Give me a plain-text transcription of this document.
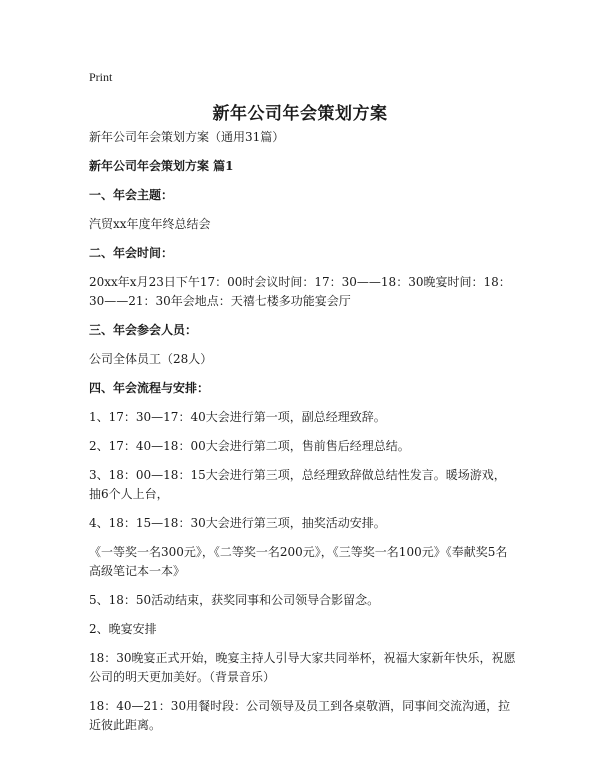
Print
新年公司年会策划方案
新年公司年会策划方案（通用31篇）
新年公司年会策划方案 篇1
一、年会主题：
汽贸xx年度年终总结会
二、年会时间：
20xx年x月23日下午17：00时会议时间：17：30——18：30晚宴时间：18：30——21：30年会地点：天禧七楼多功能宴会厅
三、年会参会人员：
公司全体员工（28人）
四、年会流程与安排：
1、17：30—17：40大会进行第一项，副总经理致辞。
2、17：40—18：00大会进行第二项，售前售后经理总结。
3、18：00—18：15大会进行第三项，总经理致辞做总结性发言。暖场游戏，抽6个人上台，
4、18：15—18：30大会进行第三项，抽奖活动安排。
《一等奖一名300元》，《二等奖一名200元》，《三等奖一名100元》《奉献奖5名高级笔记本一本》
5、18：50活动结束，获奖同事和公司领导合影留念。
2、晚宴安排
18：30晚宴正式开始，晚宴主持人引导大家共同举杯，祝福大家新年快乐，祝愿公司的明天更加美好。（背景音乐）
18：40—21：30用餐时段：公司领导及员工到各桌敬酒，同事间交流沟通，拉近彼此距离。
